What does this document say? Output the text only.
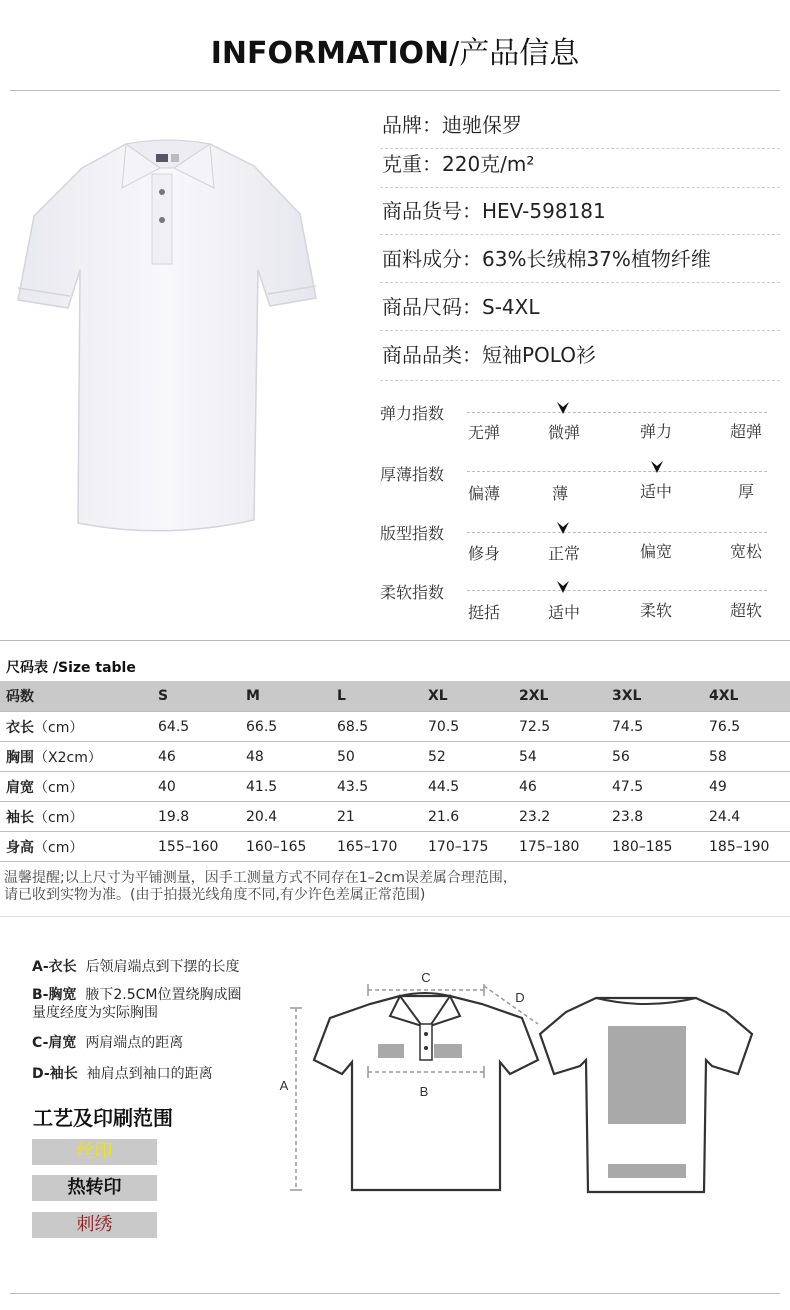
INFORMATION/产品信息
品牌：迪驰保罗
克重：220克/m²
商品货号：HEV-598181
面料成分：63%长绒棉37%植物纤维
商品尺码：S-4XL
商品品类：短袖POLO衫
弹力指数
无弹	微弹	弹力	超弹
厚薄指数
偏薄	薄	适中	厚
版型指数
修身	正常	偏宽	宽松
柔软指数
挺括	适中	柔软	超软
尺码表 /Size table
码数	S	M	L	XL	2XL	3XL	4XL
衣长（cm）	64.5	66.5	68.5	70.5	72.5	74.5	76.5
胸围（X2cm）	46	48	50	52	54	56	58
肩宽（cm）	40	41.5	43.5	44.5	46	47.5	49
袖长（cm）	19.8	20.4	21	21.6	23.2	23.8	24.4
身高（cm）	155–160	160–165	165–170	170–175	175–180	180–185	185–190
温馨提醒;以上尺寸为平铺测量，因手工测量方式不同存在1–2cm误差属合理范围，
请已收到实物为准。(由于拍摄光线角度不同,有少许色差属正常范围)
A-衣长 后领肩端点到下摆的长度
B-胸宽 腋下2.5CM位置绕胸成圈
量度经度为实际胸围
C-肩宽 两肩端点的距离
D-袖长 袖肩点到袖口的距离
工艺及印刷范围
丝印
热转印
刺绣
C
B
D
A
